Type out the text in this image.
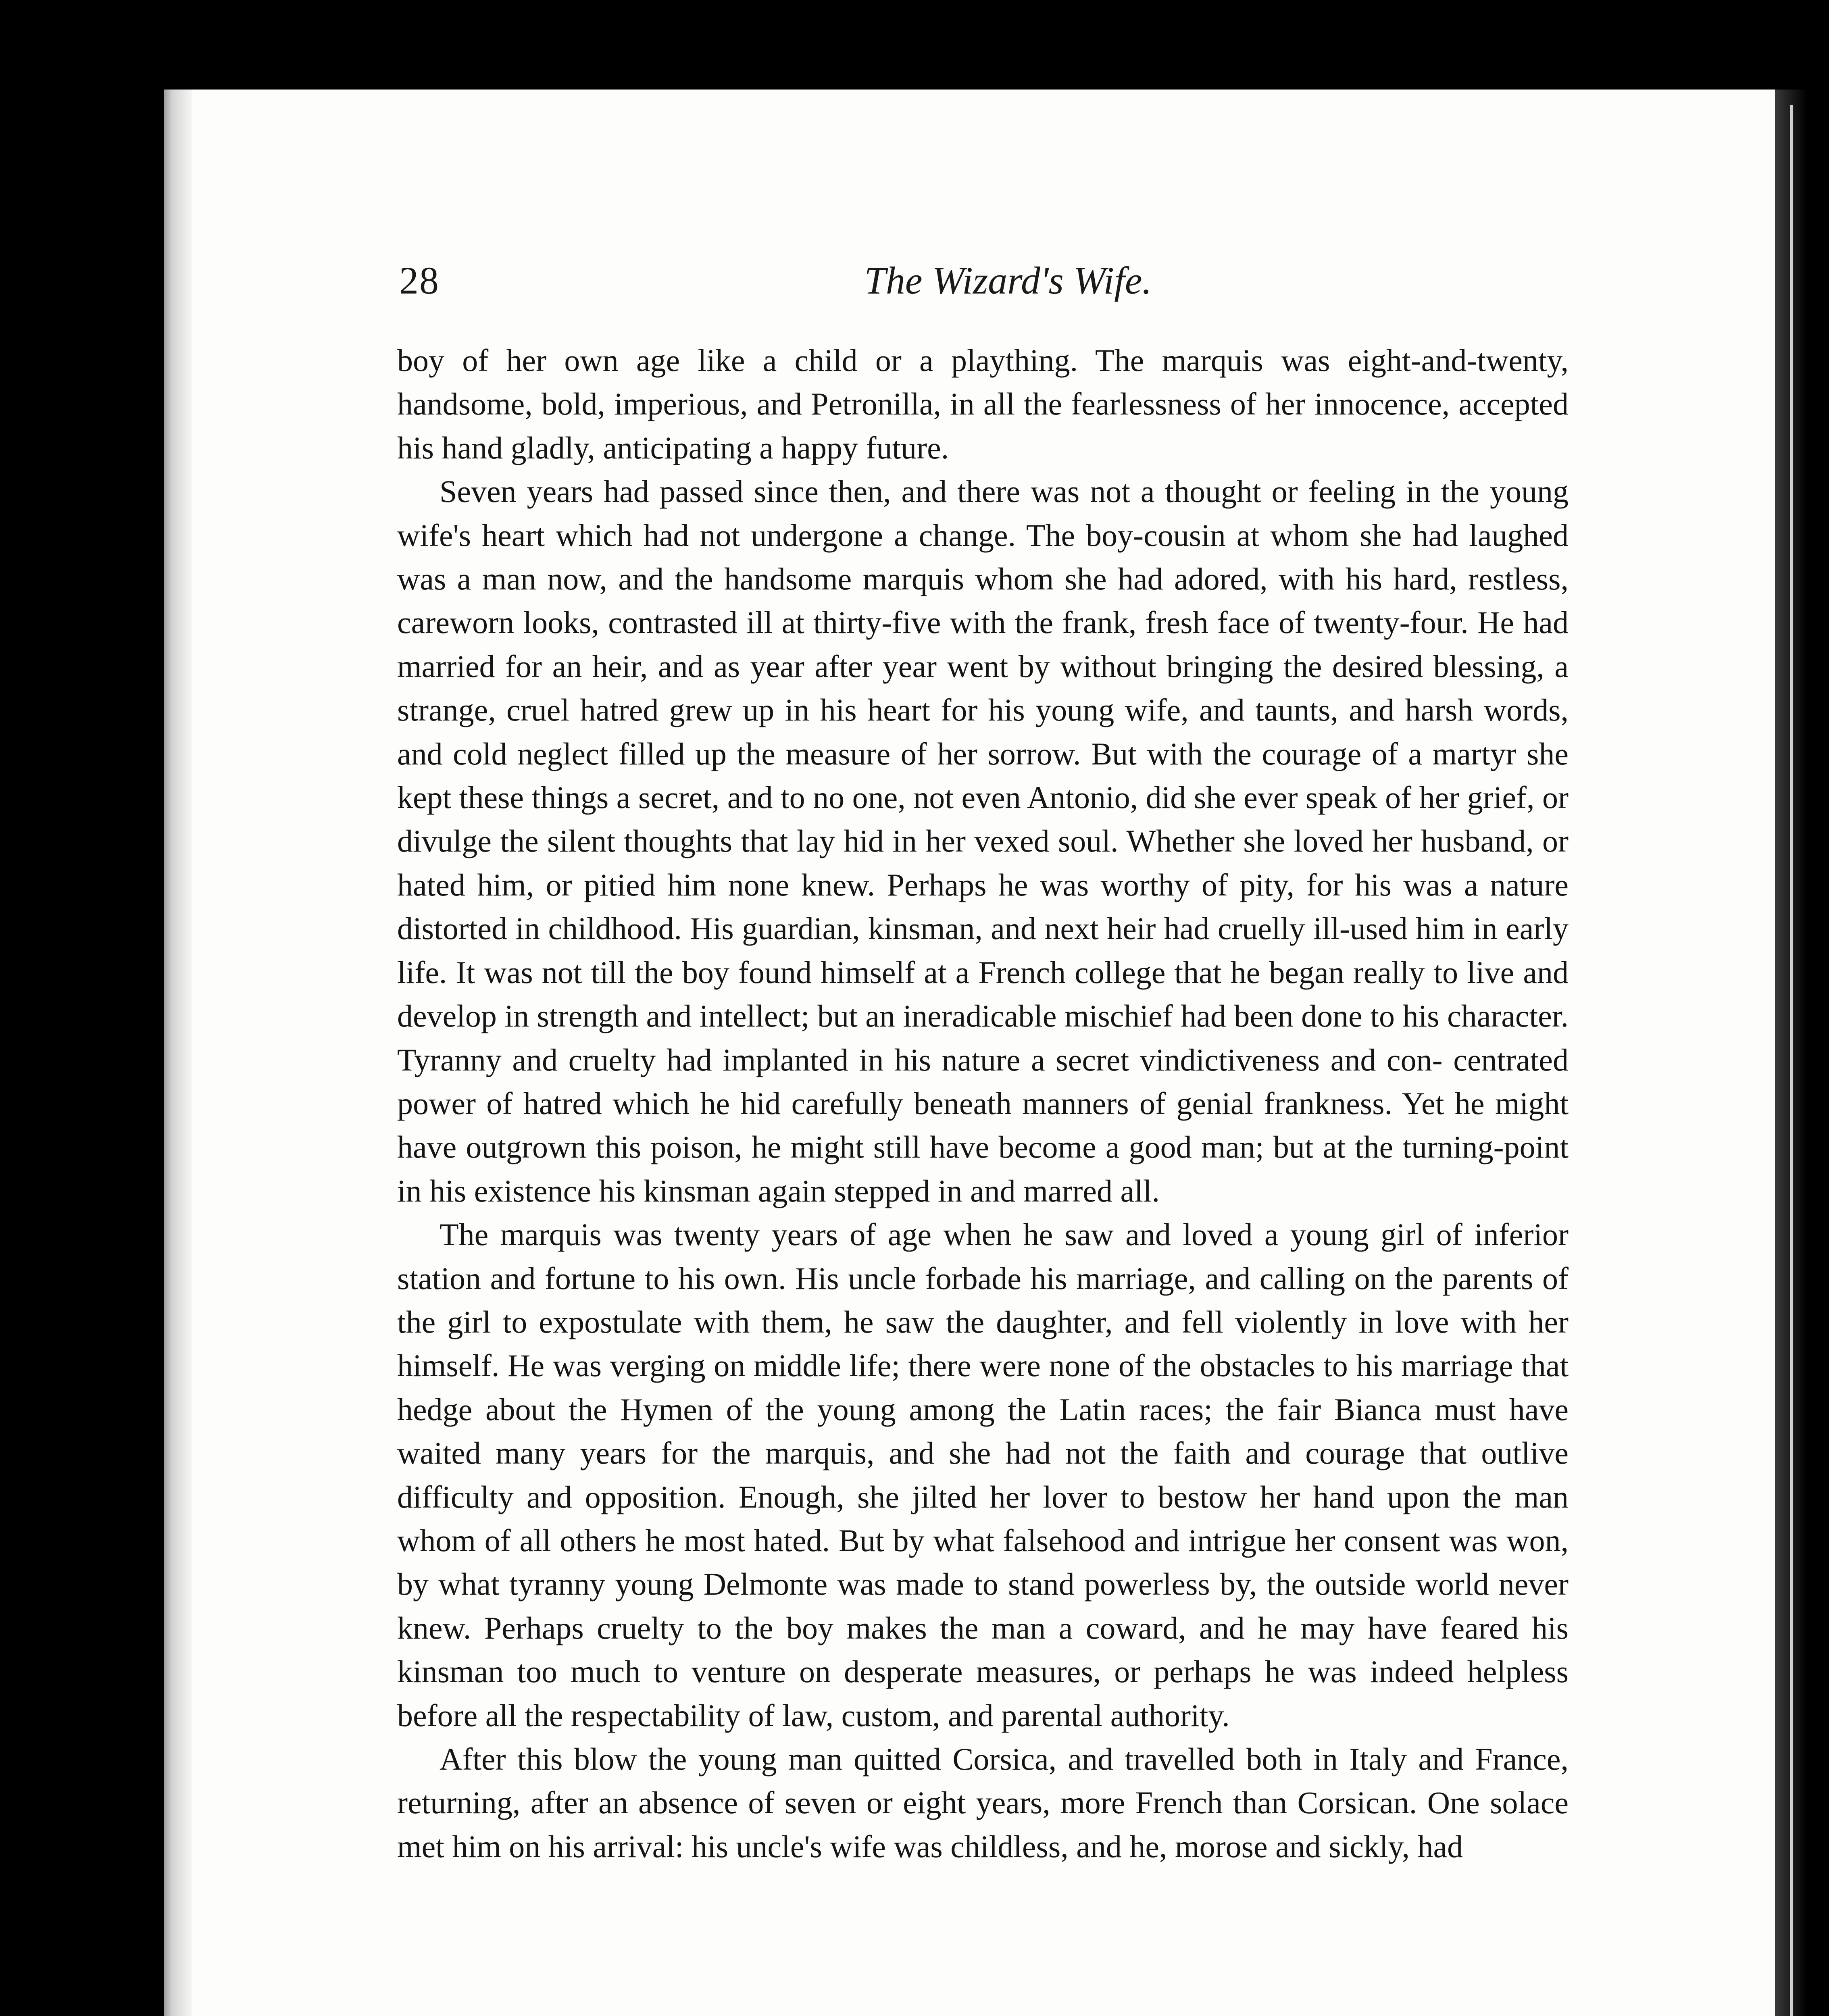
28	The Wizard's Wife.

boy of her own age like a child or a plaything. The marquis was eight-and-twenty, handsome, bold, imperious, and Petronilla, in all the fearlessness of her innocence, accepted his hand gladly, anticipating a happy future.

Seven years had passed since then, and there was not a thought or feeling in the young wife's heart which had not undergone a change. The boy-cousin at whom she had laughed was a man now, and the handsome marquis whom she had adored, with his hard, restless, careworn looks, contrasted ill at thirty-five with the frank, fresh face of twenty-four. He had married for an heir, and as year after year went by without bringing the desired blessing, a strange, cruel hatred grew up in his heart for his young wife, and taunts, and harsh words, and cold neglect filled up the measure of her sorrow. But with the courage of a martyr she kept these things a secret, and to no one, not even Antonio, did she ever speak of her grief, or divulge the silent thoughts that lay hid in her vexed soul. Whether she loved her husband, or hated him, or pitied him none knew. Perhaps he was worthy of pity, for his was a nature distorted in childhood. His guardian, kinsman, and next heir had cruelly ill-used him in early life. It was not till the boy found himself at a French college that he began really to live and develop in strength and intellect; but an ineradicable mischief had been done to his character. Tyranny and cruelty had implanted in his nature a secret vindictiveness and con- centrated power of hatred which he hid carefully beneath manners of genial frankness. Yet he might have outgrown this poison, he might still have become a good man; but at the turning-point in his existence his kinsman again stepped in and marred all.

The marquis was twenty years of age when he saw and loved a young girl of inferior station and fortune to his own. His uncle forbade his marriage, and calling on the parents of the girl to expostulate with them, he saw the daughter, and fell violently in love with her himself. He was verging on middle life; there were none of the obstacles to his marriage that hedge about the Hymen of the young among the Latin races; the fair Bianca must have waited many years for the marquis, and she had not the faith and courage that outlive difficulty and opposition. Enough, she jilted her lover to bestow her hand upon the man whom of all others he most hated. But by what falsehood and intrigue her consent was won, by what tyranny young Delmonte was made to stand powerless by, the outside world never knew. Perhaps cruelty to the boy makes the man a coward, and he may have feared his kinsman too much to venture on desperate measures, or perhaps he was indeed helpless before all the respectability of law, custom, and parental authority.

After this blow the young man quitted Corsica, and travelled both in Italy and France, returning, after an absence of seven or eight years, more French than Corsican. One solace met him on his arrival: his uncle's wife was childless, and he, morose and sickly, had
